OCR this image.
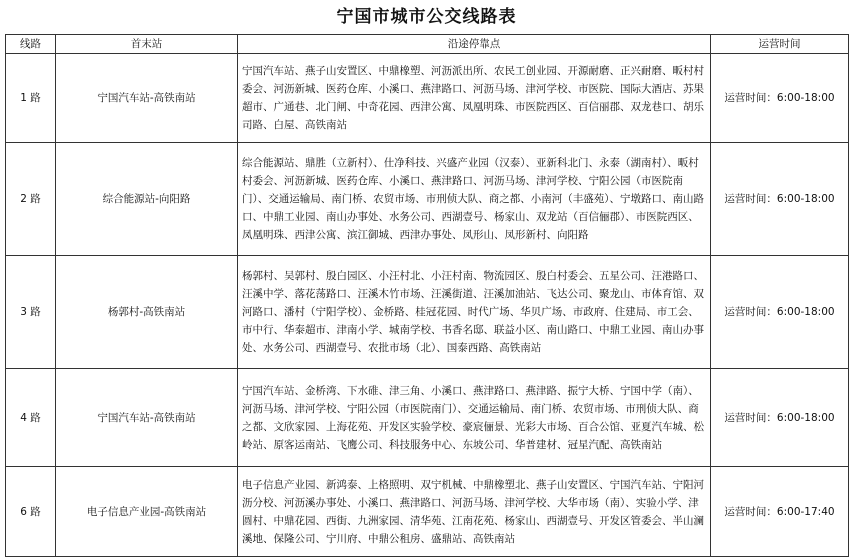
宁国市城市公交线路表
线路	首末站	沿途停靠点	运营时间
1 路	宁国汽车站-高铁南站	宁国汽车站、燕子山安置区、中鼎橡塑、河沥派出所、农民工创业园、开源耐磨、正兴耐磨、畈村村委会、河沥新城、医药仓库、小溪口、燕津路口、河沥马场、津河学校、市医院、国际大酒店、苏果超市、广通巷、北门闸、中奇花园、西津公寓、凤凰明珠、市医院西区、百信丽郡、双龙巷口、胡乐司路、白屋、高铁南站	运营时间：6:00-18:00
2 路	综合能源站-向阳路	综合能源站、鼎胜（立新村）、仕净科技、兴盛产业园（汉泰）、亚新科北门、永泰（湖南村）、畈村村委会、河沥新城、医药仓库、小溪口、燕津路口、河沥马场、津河学校、宁阳公园（市医院南门）、交通运输局、南门桥、农贸市场、市刑侦大队、商之都、小南河（丰盛苑）、宁墩路口、南山路口、中鼎工业园、南山办事处、水务公司、西湖壹号、杨家山、双龙站（百信俪郡）、市医院西区、凤凰明珠、西津公寓、滨江御城、西津办事处、凤形山、凤形新村、向阳路	运营时间：6:00-18:00
3 路	杨郭村-高铁南站	杨郭村、吴郭村、殷白园区、小汪村北、小汪村南、物流园区、殷白村委会、五星公司、汪港路口、汪溪中学、落花荡路口、汪溪木竹市场、汪溪街道、汪溪加油站、飞达公司、聚龙山、市体育馆、双河路口、潘村（宁阳学校）、金桥路、桂冠花园、时代广场、华贝广场、市政府、住建局、市工会、市中行、华泰超市、津南小学、城南学校、书香名邸、联益小区、南山路口、中鼎工业园、南山办事处、水务公司、西湖壹号、农批市场（北）、国泰西路、高铁南站	运营时间：6:00-18:00
4 路	宁国汽车站-高铁南站	宁国汽车站、金桥湾、下水碓、津三角、小溪口、燕津路口、燕津路、振宁大桥、宁国中学（南）、河沥马场、津河学校、宁阳公园（市医院南门）、交通运输局、南门桥、农贸市场、市刑侦大队、商之都、文欣家园、上海花苑、开发区实验学校、豪宸俪景、光彩大市场、百合公馆、亚夏汽车城、松岭站、原客运南站、飞鹰公司、科技服务中心、东坡公司、华普建材、冠星汽配、高铁南站	运营时间：6:00-18:00
6 路	电子信息产业园-高铁南站	电子信息产业园、新鸿泰、上格照明、双宁机械、中鼎橡塑北、燕子山安置区、宁国汽车站、宁阳河沥分校、河沥溪办事处、小溪口、燕津路口、河沥马场、津河学校、大华市场（南）、实验小学、津圆村、中鼎花园、西街、九洲家园、清华苑、江南花苑、杨家山、西湖壹号、开发区管委会、半山澜溪地、保隆公司、宁川府、中鼎公租房、盛鼎站、高铁南站	运营时间：6:00-17:40
